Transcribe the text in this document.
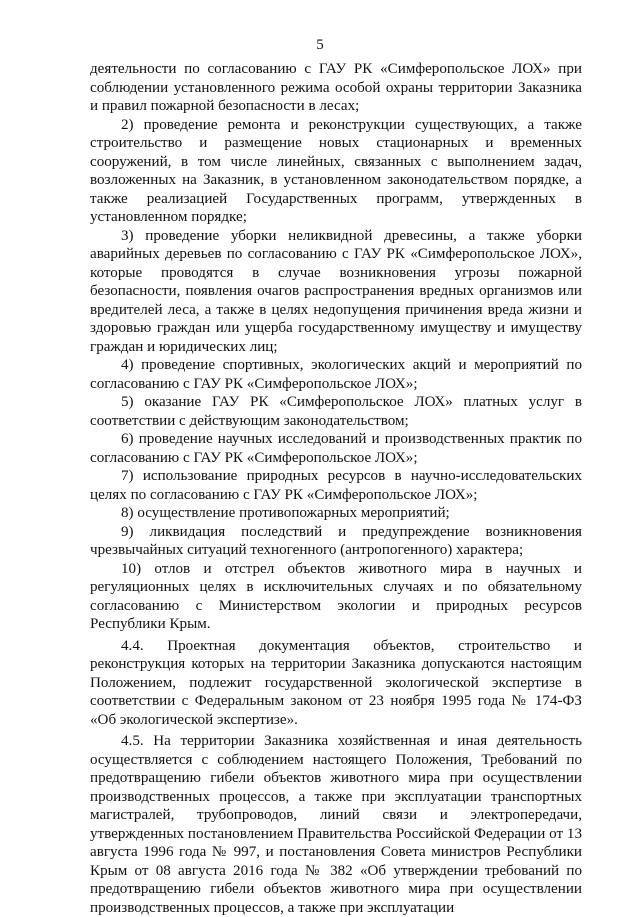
5

деятельности по согласованию с ГАУ РК «Симферопольское ЛОХ» при соблюдении установленного режима особой охраны территории Заказника и правил пожарной безопасности в лесах;

2) проведение ремонта и реконструкции существующих, а также строительство и размещение новых стационарных и временных сооружений, в том числе линейных, связанных с выполнением задач, возложенных на Заказник, в установленном законодательством порядке, а также реализацией Государственных программ, утвержденных в установленном порядке;

3) проведение уборки неликвидной древесины, а также уборки аварийных деревьев по согласованию с ГАУ РК «Симферопольское ЛОХ», которые проводятся в случае возникновения угрозы пожарной безопасности, появления очагов распространения вредных организмов или вредителей леса, а также в целях недопущения причинения вреда жизни и здоровью граждан или ущерба государственному имуществу и имуществу граждан и юридических лиц;

4) проведение спортивных, экологических акций и мероприятий по согласованию с ГАУ РК «Симферопольское ЛОХ»;

5) оказание ГАУ РК «Симферопольское ЛОХ» платных услуг в соответствии с действующим законодательством;

6) проведение научных исследований и производственных практик по согласованию с ГАУ РК «Симферопольское ЛОХ»;

7) использование природных ресурсов в научно-исследовательских целях по согласованию с ГАУ РК «Симферопольское ЛОХ»;

8) осуществление противопожарных мероприятий;

9) ликвидация последствий и предупреждение возникновения чрезвычайных ситуаций техногенного (антропогенного) характера;

10) отлов и отстрел объектов животного мира в научных и регуляционных целях в исключительных случаях и по обязательному согласованию с Министерством экологии и природных ресурсов Республики Крым.

4.4. Проектная документация объектов, строительство и реконструкция которых на территории Заказника допускаются настоящим Положением, подлежит государственной экологической экспертизе в соответствии с Федеральным законом от 23 ноября 1995 года № 174-ФЗ «Об экологической экспертизе».

4.5. На территории Заказника хозяйственная и иная деятельность осуществляется с соблюдением настоящего Положения, Требований по предотвращению гибели объектов животного мира при осуществлении производственных процессов, а также при эксплуатации транспортных магистралей, трубопроводов, линий связи и электропередачи, утвержденных постановлением Правительства Российской Федерации от 13 августа 1996 года № 997, и постановления Совета министров Республики Крым от 08 августа 2016 года № 382 «Об утверждении требований по предотвращению гибели объектов животного мира при осуществлении производственных процессов, а также при эксплуатации
